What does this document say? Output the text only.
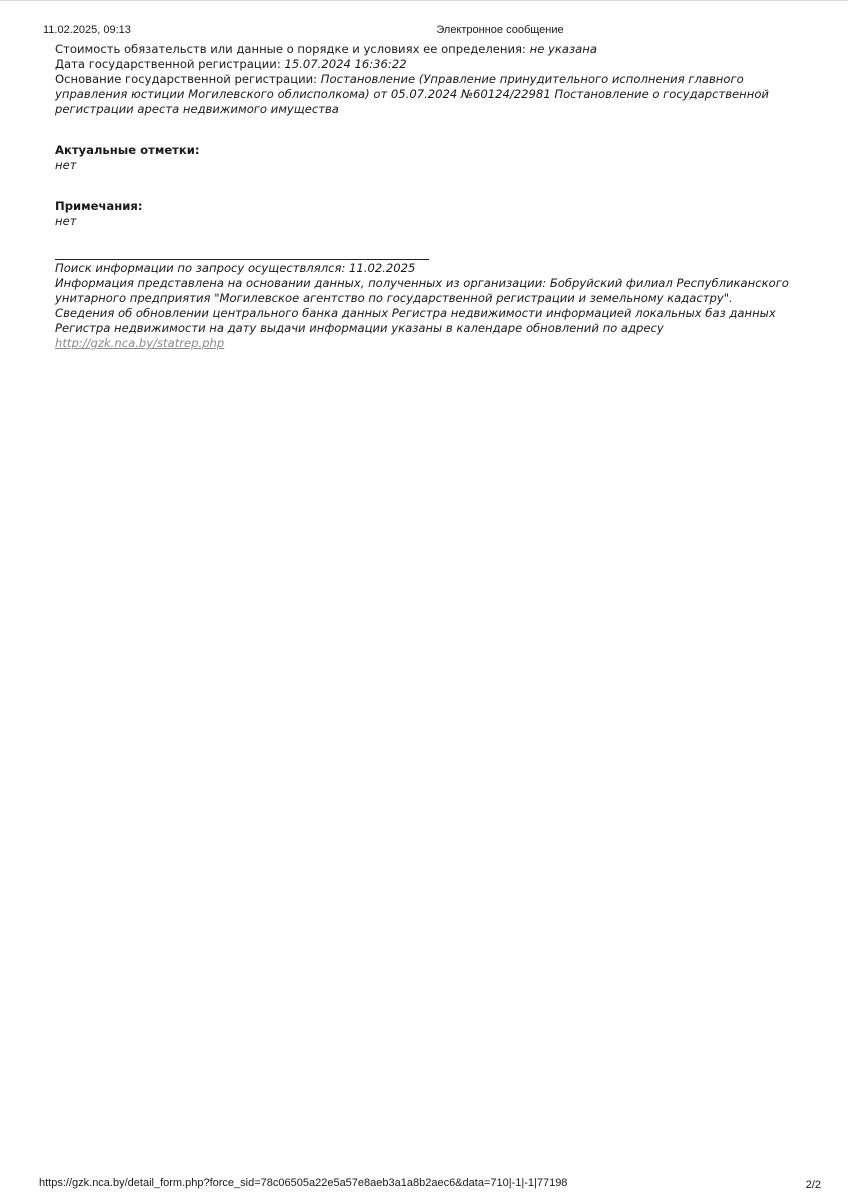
11.02.2025, 09:13	Электронное сообщение

Стоимость обязательств или данные о порядке и условиях ее определения: не указана

Дата государственной регистрации: 15.07.2024 16:36:22

Основание государственной регистрации: Постановление (Управление принудительного исполнения главного управления юстиции Могилевского облисполкома) от 05.07.2024 №60124/22981 Постановление о государственной регистрации ареста недвижимого имущества

Актуальные отметки:

нет

Примечания:

нет

Поиск информации по запросу осуществлялся: 11.02.2025

Информация представлена на основании данных, полученных из организации: Бобруйский филиал Республиканского унитарного предприятия "Могилевское агентство по государственной регистрации и земельному кадастру".

Сведения об обновлении центрального банка данных Регистра недвижимости информацией локальных баз данных Регистра недвижимости на дату выдачи информации указаны в календаре обновлений по адресу

http://gzk.nca.by/statrep.php

https://gzk.nca.by/detail_form.php?force_sid=78c06505a22e5a57e8aeb3a1a8b2aec6&data=710|-1|-1|77198	2/2
